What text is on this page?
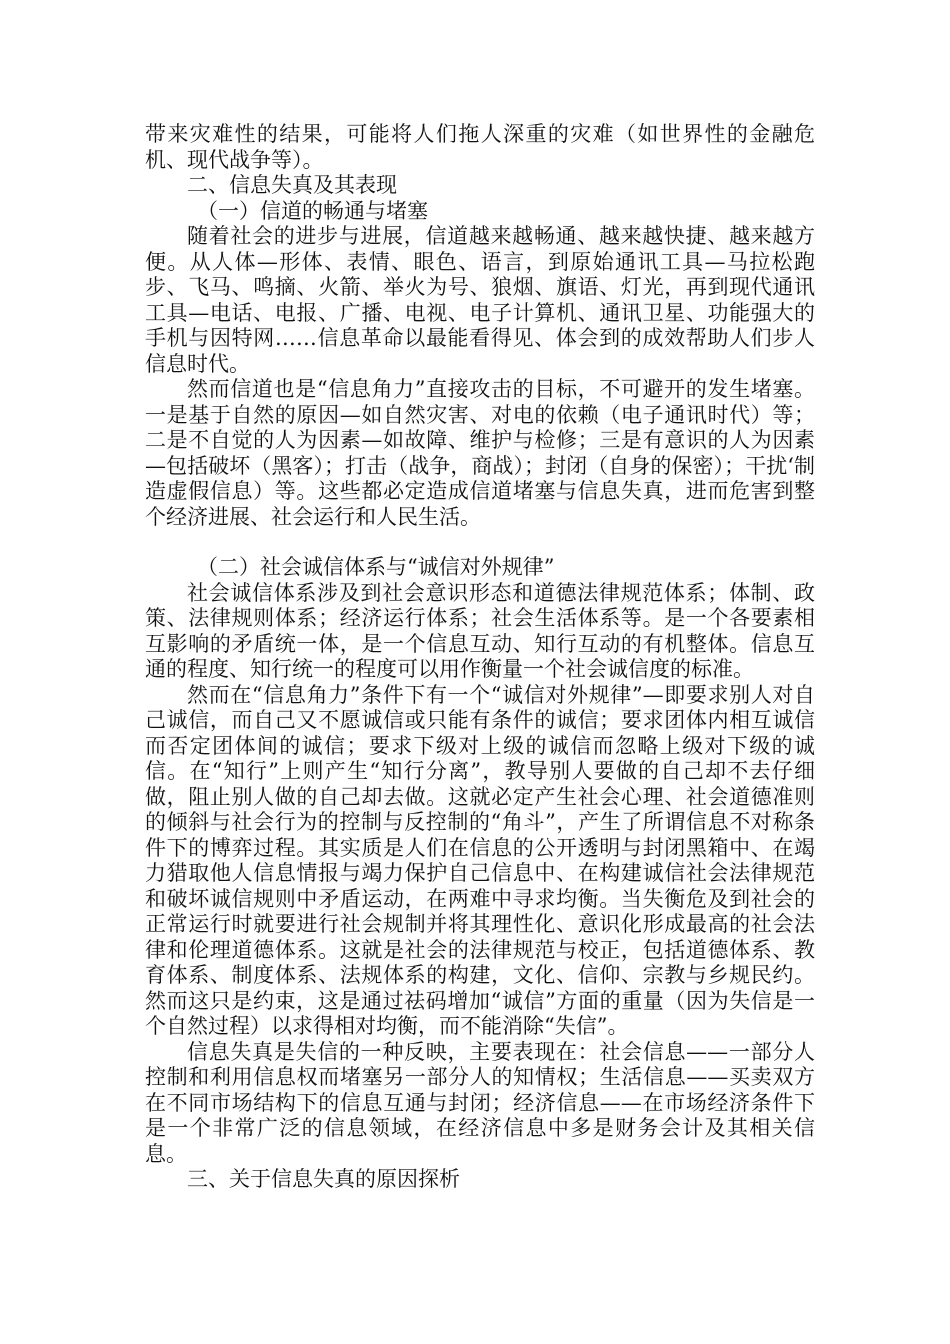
带来灾难性的结果，可能将人们拖人深重的灾难（如世界性的金融危机、现代战争等）。

二、信息失真及其表现

（一）信道的畅通与堵塞

随着社会的进步与进展，信道越来越畅通、越来越快捷、越来越方便。从人体—形体、表情、眼色、语言，到原始通讯工具—马拉松跑步、飞马、鸣摘、火箭、举火为号、狼烟、旗语、灯光，再到现代通讯工具—电话、电报、广播、电视、电子计算机、通讯卫星、功能强大的手机与因特网……信息革命以最能看得见、体会到的成效帮助人们步人信息时代。

然而信道也是“信息角力”直接攻击的目标，不可避开的发生堵塞。一是基于自然的原因—如自然灾害、对电的依赖（电子通讯时代）等；二是不自觉的人为因素—如故障、维护与检修；三是有意识的人为因素—包括破坏（黑客）；打击（战争，商战）；封闭（自身的保密）；干扰‘制造虚假信息）等。这些都必定造成信道堵塞与信息失真，进而危害到整个经济进展、社会运行和人民生活。

（二）社会诚信体系与“诚信对外规律”

社会诚信体系涉及到社会意识形态和道德法律规范体系；体制、政策、法律规则体系；经济运行体系；社会生活体系等。是一个各要素相互影响的矛盾统一体，是一个信息互动、知行互动的有机整体。信息互通的程度、知行统一的程度可以用作衡量一个社会诚信度的标准。

然而在“信息角力”条件下有一个“诚信对外规律”—即要求别人对自己诚信，而自己又不愿诚信或只能有条件的诚信；要求团体内相互诚信而否定团体间的诚信；要求下级对上级的诚信而忽略上级对下级的诚信。在“知行”上则产生“知行分离”，教导别人要做的自己却不去仔细做，阻止别人做的自己却去做。这就必定产生社会心理、社会道德准则的倾斜与社会行为的控制与反控制的“角斗”，产生了所谓信息不对称条件下的博弈过程。其实质是人们在信息的公开透明与封闭黑箱中、在竭力猎取他人信息情报与竭力保护自己信息中、在构建诚信社会法律规范和破坏诚信规则中矛盾运动，在两难中寻求均衡。当失衡危及到社会的正常运行时就要进行社会规制并将其理性化、意识化形成最高的社会法律和伦理道德体系。这就是社会的法律规范与校正，包括道德体系、教育体系、制度体系、法规体系的构建，文化、信仰、宗教与乡规民约。然而这只是约束，这是通过祛码增加“诚信”方面的重量（因为失信是一个自然过程）以求得相对均衡，而不能消除“失信”。

信息失真是失信的一种反映，主要表现在：社会信息——一部分人控制和利用信息权而堵塞另一部分人的知情权；生活信息——买卖双方在不同市场结构下的信息互通与封闭；经济信息——在市场经济条件下是一个非常广泛的信息领域，在经济信息中多是财务会计及其相关信息。

三、关于信息失真的原因探析
